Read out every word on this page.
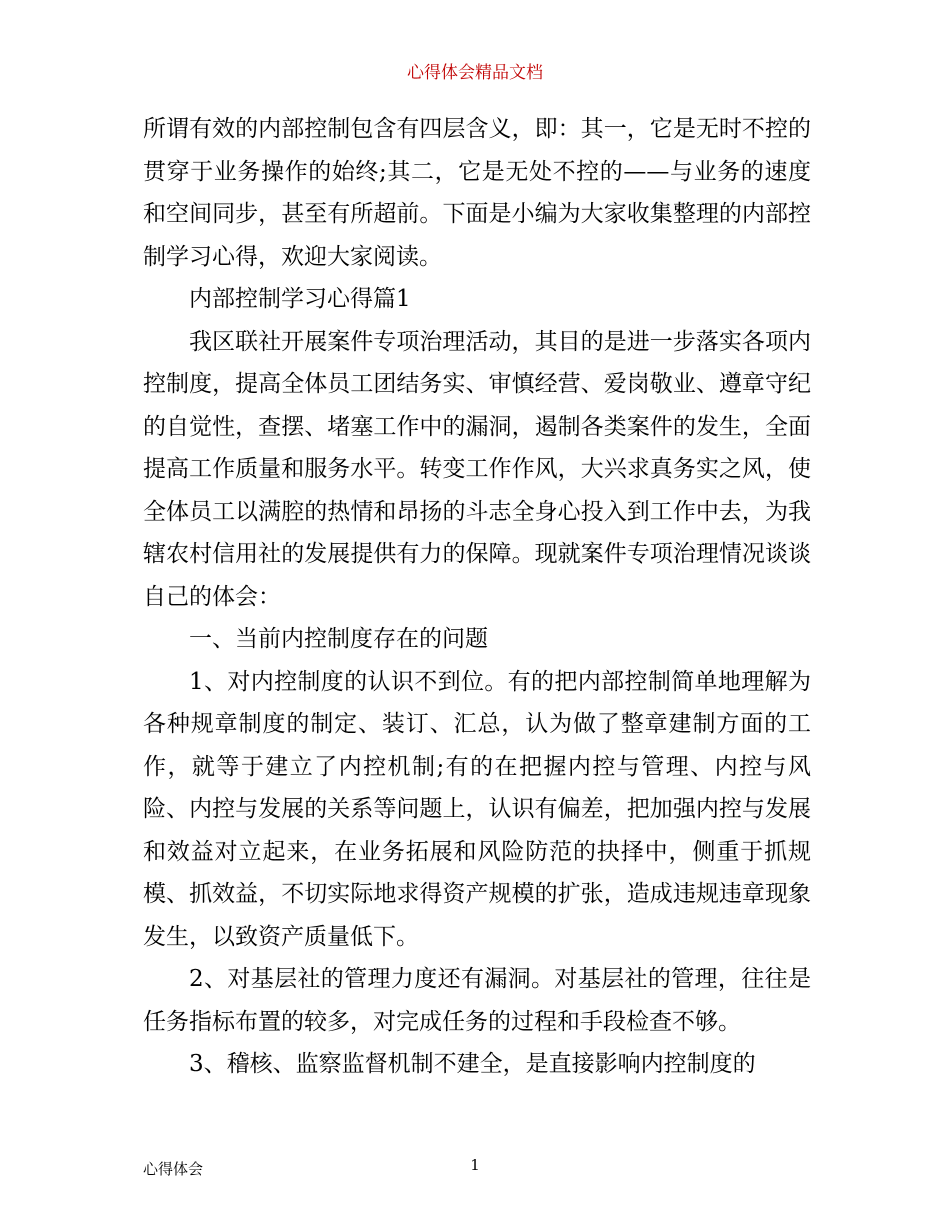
心得体会精品文档

所谓有效的内部控制包含有四层含义，即：其一，它是无时不控的贯穿于业务操作的始终;其二，它是无处不控的——与业务的速度和空间同步，甚至有所超前。下面是小编为大家收集整理的内部控制学习心得，欢迎大家阅读。

内部控制学习心得篇1

我区联社开展案件专项治理活动，其目的是进一步落实各项内控制度，提高全体员工团结务实、审慎经营、爱岗敬业、遵章守纪的自觉性，查摆、堵塞工作中的漏洞，遏制各类案件的发生，全面提高工作质量和服务水平。转变工作作风，大兴求真务实之风，使全体员工以满腔的热情和昂扬的斗志全身心投入到工作中去，为我辖农村信用社的发展提供有力的保障。现就案件专项治理情况谈谈自己的体会：

一、当前内控制度存在的问题

1、对内控制度的认识不到位。有的把内部控制简单地理解为各种规章制度的制定、装订、汇总，认为做了整章建制方面的工作，就等于建立了内控机制;有的在把握内控与管理、内控与风险、内控与发展的关系等问题上，认识有偏差，把加强内控与发展和效益对立起来，在业务拓展和风险防范的抉择中，侧重于抓规模、抓效益，不切实际地求得资产规模的扩张，造成违规违章现象发生，以致资产质量低下。

2、对基层社的管理力度还有漏洞。对基层社的管理，往往是任务指标布置的较多，对完成任务的过程和手段检查不够。

3、稽核、监察监督机制不建全，是直接影响内控制度的

心得体会	1
